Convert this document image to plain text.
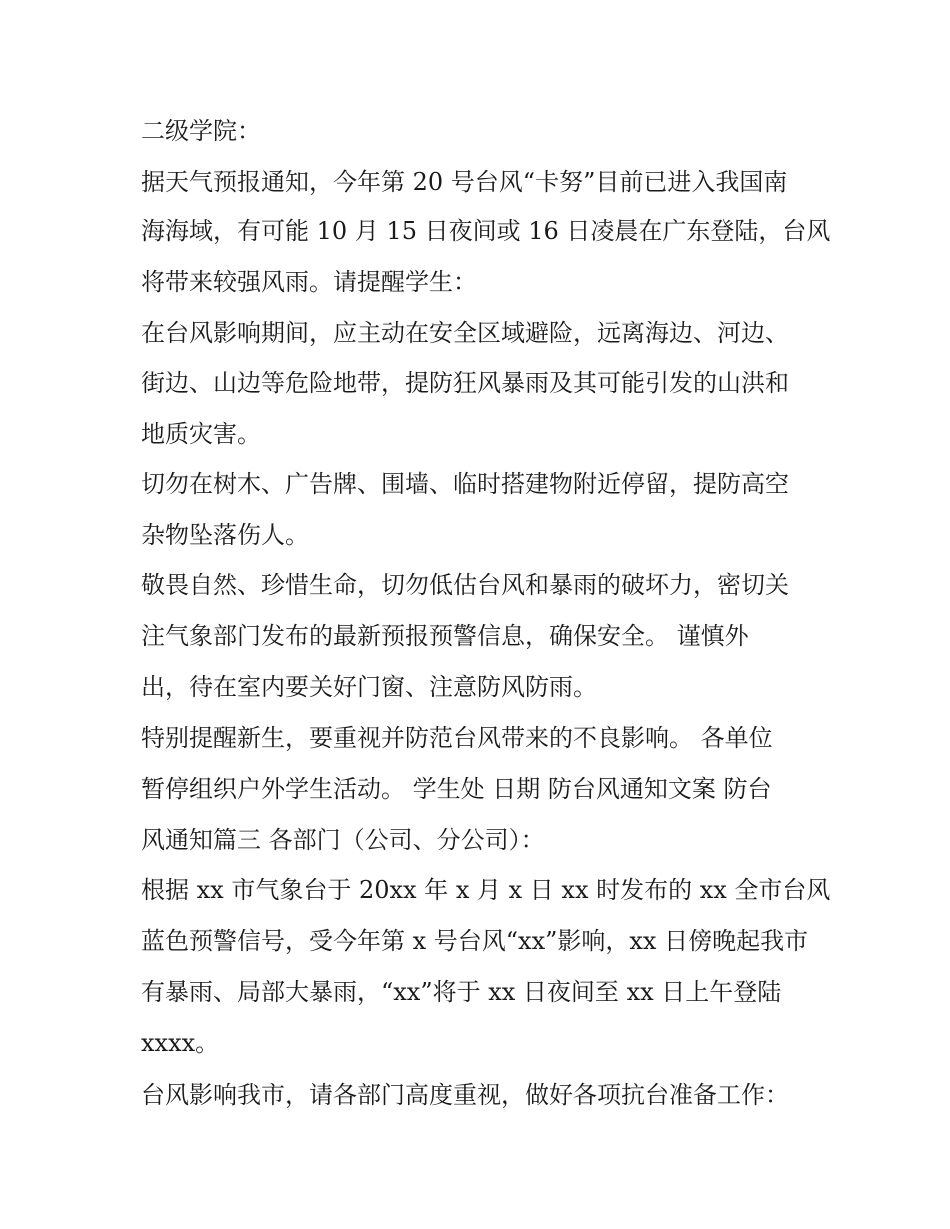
二级学院：
据天气预报通知，今年第 20 号台风“卡努”目前已进入我国南
海海域，有可能 10 月 15 日夜间或 16 日凌晨在广东登陆，台风
将带来较强风雨。请提醒学生：
在台风影响期间，应主动在安全区域避险，远离海边、河边、
街边、山边等危险地带，提防狂风暴雨及其可能引发的山洪和
地质灾害。
切勿在树木、广告牌、围墙、临时搭建物附近停留，提防高空
杂物坠落伤人。
敬畏自然、珍惜生命，切勿低估台风和暴雨的破坏力，密切关
注气象部门发布的最新预报预警信息，确保安全。 谨慎外
出，待在室内要关好门窗、注意防风防雨。
特别提醒新生，要重视并防范台风带来的不良影响。 各单位
暂停组织户外学生活动。 学生处 日期 防台风通知文案 防台
风通知篇三 各部门（公司、分公司）：
根据 xx 市气象台于 20xx 年 x 月 x 日 xx 时发布的 xx 全市台风
蓝色预警信号，受今年第 x 号台风“xx”影响，xx 日傍晚起我市
有暴雨、局部大暴雨，“xx”将于 xx 日夜间至 xx 日上午登陆
xxxx。
台风影响我市，请各部门高度重视，做好各项抗台准备工作：
